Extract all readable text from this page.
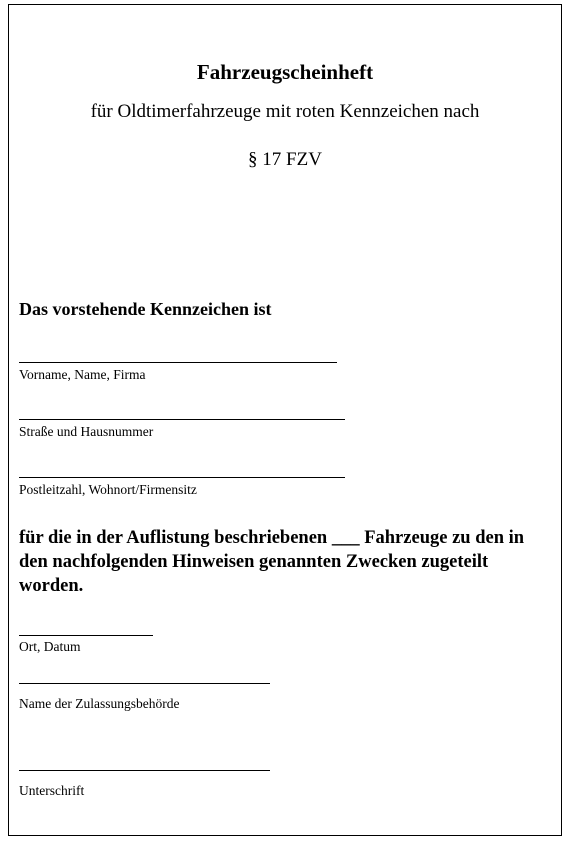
Fahrzeugscheinheft
für Oldtimerfahrzeuge mit roten Kennzeichen nach
§ 17 FZV
Das vorstehende Kennzeichen ist
Vorname, Name, Firma
Straße und Hausnummer
Postleitzahl, Wohnort/Firmensitz
für die in der Auflistung beschriebenen ___ Fahrzeuge zu den in den nachfolgenden Hinweisen genannten Zwecken zugeteilt worden.
Ort, Datum
Name der Zulassungsbehörde
Unterschrift
